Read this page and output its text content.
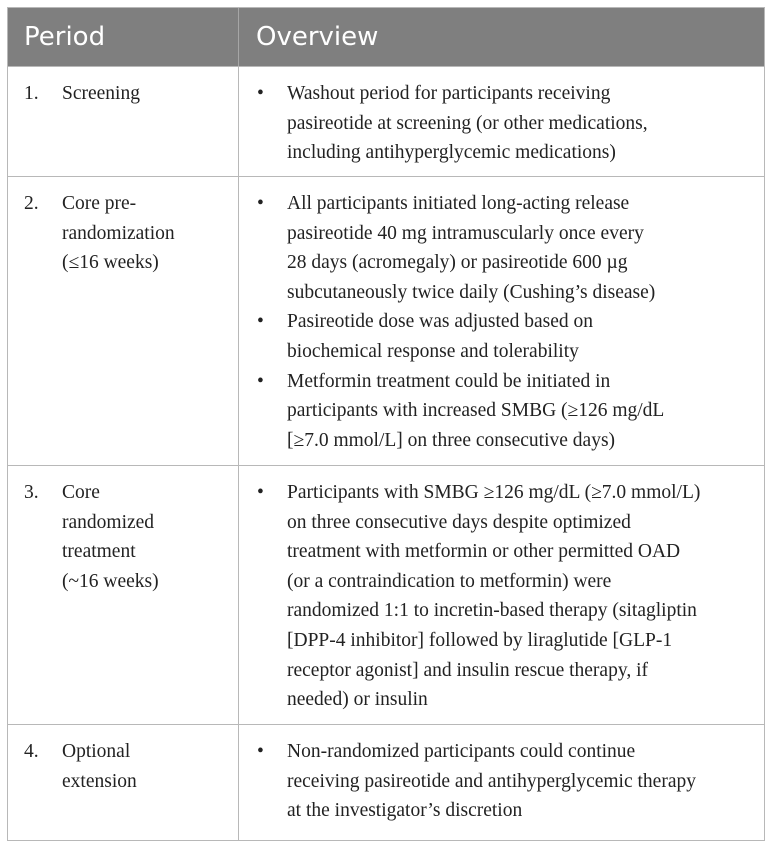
Period	Overview
1.	Screening	•	Washout period for participants receiving
pasireotide at screening (or other medications,
including antihyperglycemic medications)
2.	Core pre-
randomization
(≤16 weeks)
•	All participants initiated long-acting release
pasireotide 40 mg intramuscularly once every
28 days (acromegaly) or pasireotide 600 µg
subcutaneously twice daily (Cushing’s disease)
•	Pasireotide dose was adjusted based on
biochemical response and tolerability
•	Metformin treatment could be initiated in
participants with increased SMBG (≥126 mg/dL
[≥7.0 mmol/L] on three consecutive days)
3.	Core
randomized
treatment
(~16 weeks)
•	Participants with SMBG ≥126 mg/dL (≥7.0 mmol/L)
on three consecutive days despite optimized
treatment with metformin or other permitted OAD
(or a contraindication to metformin) were
randomized 1:1 to incretin-based therapy (sitagliptin
[DPP-4 inhibitor] followed by liraglutide [GLP-1
receptor agonist] and insulin rescue therapy, if
needed) or insulin
4.	Optional
extension
•	Non-randomized participants could continue
receiving pasireotide and antihyperglycemic therapy
at the investigator’s discretion
